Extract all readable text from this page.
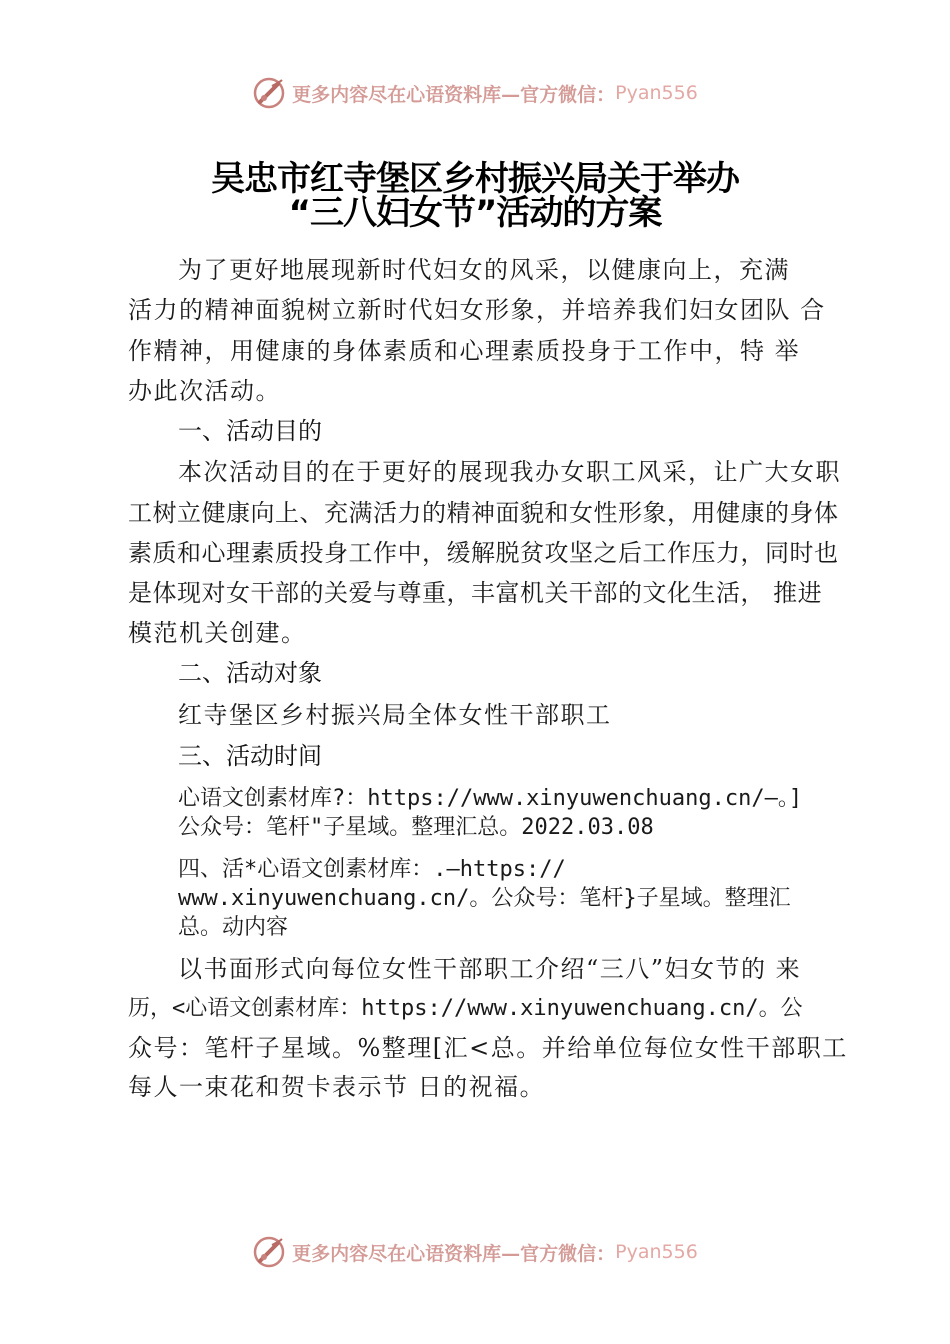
更多内容尽在心语资料库—官方微信： Pyan556
吴忠市红寺堡区乡村振兴局关于举办
“三八妇女节”活动的方案
为了更好地展现新时代妇女的风采，以健康向上，充满
活力的精神面貌树立新时代妇女形象，并培养我们妇女团队 合
作精神，用健康的身体素质和心理素质投身于工作中，特 举
办此次活动。
一、活动目的
本次活动目的在于更好的展现我办女职工风采，让广大女职
工树立健康向上、充满活力的精神面貌和女性形象，用健康的身体
素质和心理素质投身工作中，缓解脱贫攻坚之后工作压力，同时也
是体现对女干部的关爱与尊重，丰富机关干部的文化生活， 推进
模范机关创建。
二、活动对象
红寺堡区乡村振兴局全体女性干部职工
三、活动时间
心语文创素材库?：https://www.xinyuwenchuang.cn/—。]
公众号：笔杆"子星域。整理汇总。2022.03.08
四、活*心语文创素材库：.—https://
www.xinyuwenchuang.cn/。公众号：笔杆}子星域。整理汇
总。动内容
以书面形式向每位女性干部职工介绍“三八”妇女节的 来
历，<心语文创素材库：https://www.xinyuwenchuang.cn/。公
众号：笔杆子星域。%整理[汇<总。并给单位每位女性干部职工
每人一束花和贺卡表示节 日的祝福。
更多内容尽在心语资料库—官方微信： Pyan556
